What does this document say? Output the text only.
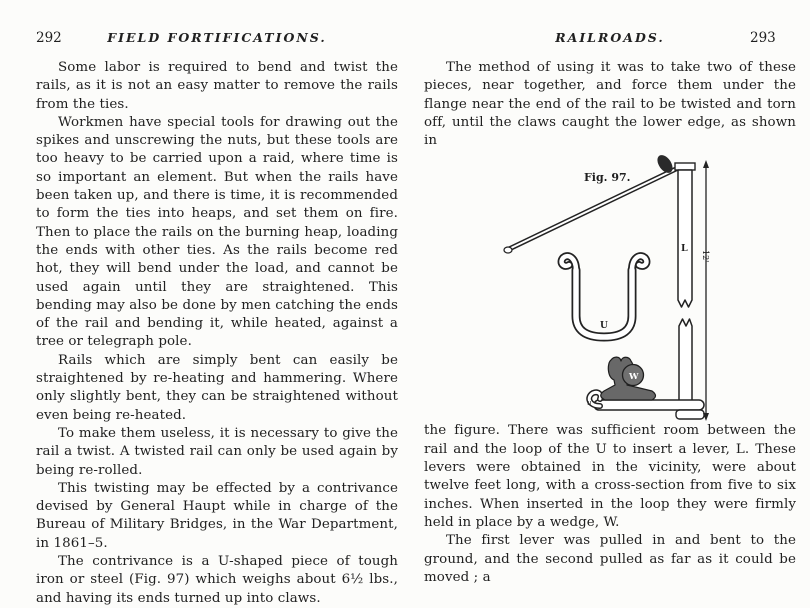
292	FIELD FORTIFICATIONS.

Some labor is required to bend and twist the rails, as it is not an easy matter to remove the rails from the ties.

Workmen have special tools for drawing out the spikes and unscrewing the nuts, but these tools are too heavy to be carried upon a raid, where time is so important an element. But when the rails have been taken up, and there is time, it is recommended to form the ties into heaps, and set them on fire. Then to place the rails on the burning heap, loading the ends with other ties. As the rails become red hot, they will bend under the load, and cannot be used again until they are straightened. This bending may also be done by men catching the ends of the rail and bending it, while heated, against a tree or telegraph pole.

Rails which are simply bent can easily be straightened by re-heating and hammering. Where only slightly bent, they can be straightened without even being re-heated.

To make them useless, it is necessary to give the rail a twist. A twisted rail can only be used again by being re-rolled.

This twisting may be effected by a contrivance devised by General Haupt while in charge of the Bureau of Military Bridges, in the War Department, in 1861–5.

The contrivance is a U-shaped piece of tough iron or steel (Fig. 97) which weighs about 6½ lbs., and having its ends turned up into claws.

RAILROADS.	293

The method of using it was to take two of these pieces, near together, and force them under the flange near the end of the rail to be twisted and torn off, until the claws caught the lower edge, as shown in

Fig. 97.
L
U
W
u
12'

the figure. There was sufficient room between the rail and the loop of the U to insert a lever, L. These levers were obtained in the vicinity, were about twelve feet long, with a cross-section from five to six inches. When inserted in the loop they were firmly held in place by a wedge, W.

The first lever was pulled in and bent to the ground, and the second pulled as far as it could be moved ; a
